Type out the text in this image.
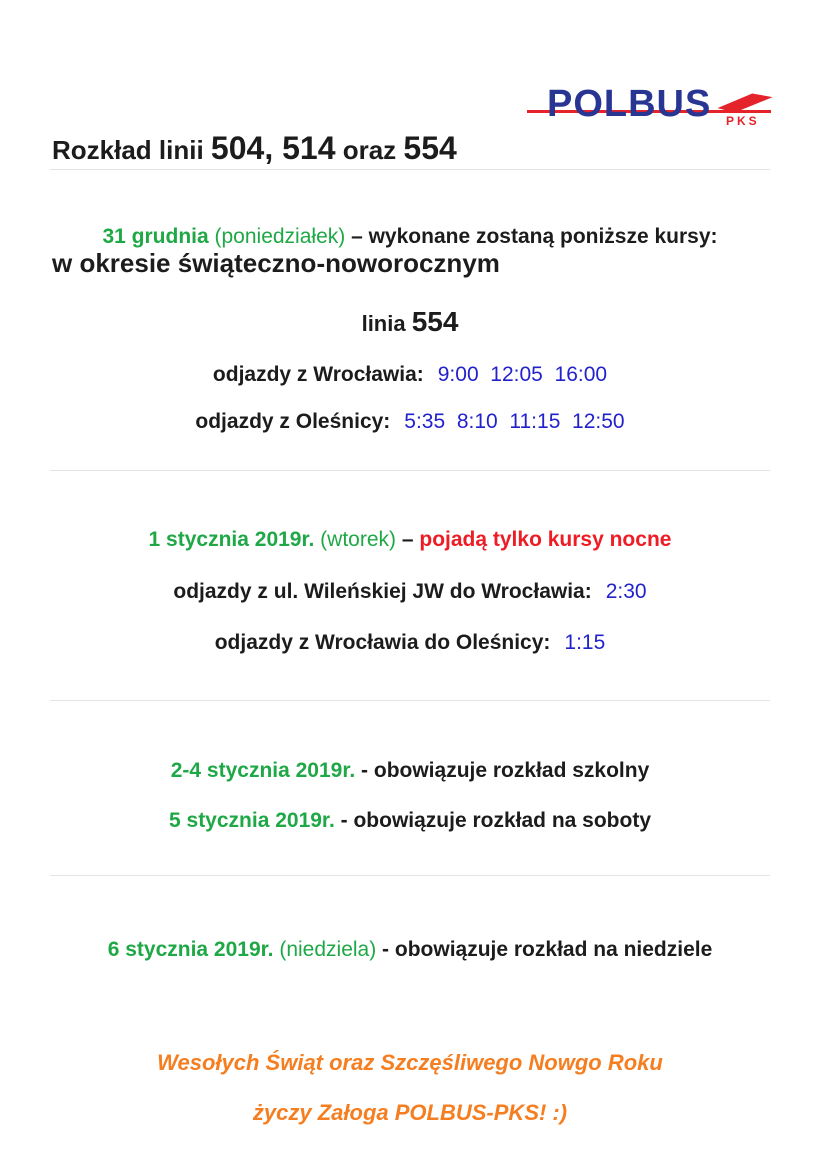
Rozkład linii 504, 514 oraz 554

w okresie świąteczno-noworocznym

POLBUS PKS
31 grudnia (poniedziałek) – wykonane zostaną poniższe kursy:
linia 554
odjazdy z Wrocławia: 9:00  12:05  16:00
odjazdy z Oleśnicy: 5:35  8:10  11:15  12:50
1 stycznia 2019r. (wtorek) – pojadą tylko kursy nocne
odjazdy z ul. Wileńskiej JW do Wrocławia: 2:30
odjazdy z Wrocławia do Oleśnicy: 1:15
2-4 stycznia 2019r. - obowiązuje rozkład szkolny
5 stycznia 2019r. - obowiązuje rozkład na soboty
6 stycznia 2019r. (niedziela) - obowiązuje rozkład na niedziele
Wesołych Świąt oraz Szczęśliwego Nowgo Roku
życzy Załoga POLBUS-PKS! :)
